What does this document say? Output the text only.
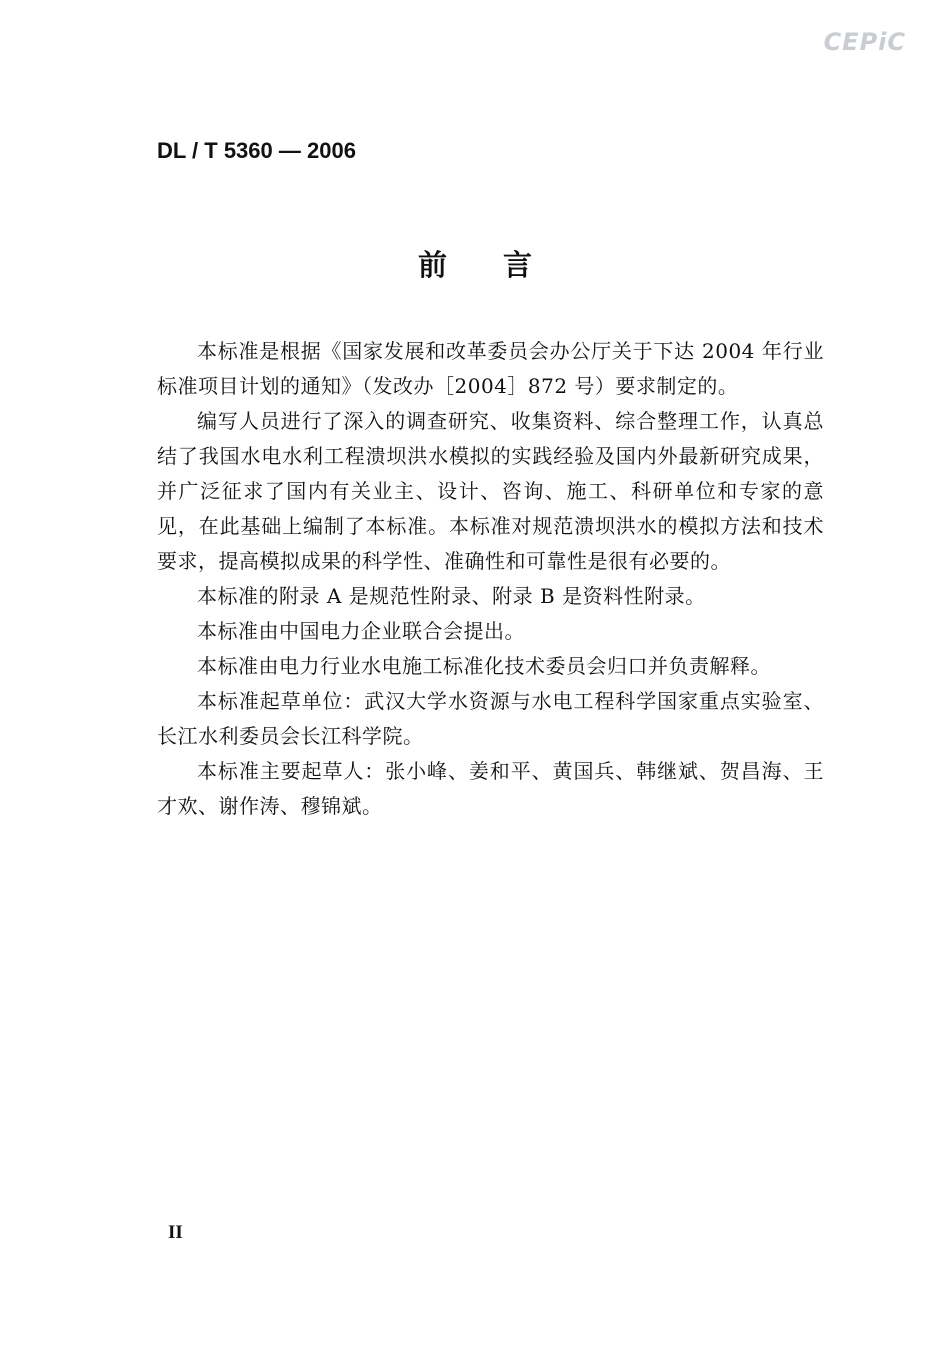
CEPiC
DL / T 5360 — 2006
前言

本标准是根据《国家发展和改革委员会办公厅关于下达 2004 年行业标准项目计划的通知》（发改办［2004］872 号）要求制定的。

编写人员进行了深入的调查研究、收集资料、综合整理工作，认真总结了我国水电水利工程溃坝洪水模拟的实践经验及国内外最新研究成果，并广泛征求了国内有关业主、设计、咨询、施工、科研单位和专家的意见，在此基础上编制了本标准。本标准对规范溃坝洪水的模拟方法和技术要求，提高模拟成果的科学性、准确性和可靠性是很有必要的。

本标准的附录 A 是规范性附录、附录 B 是资料性附录。

本标准由中国电力企业联合会提出。

本标准由电力行业水电施工标准化技术委员会归口并负责解释。

本标准起草单位：武汉大学水资源与水电工程科学国家重点实验室、长江水利委员会长江科学院。

本标准主要起草人：张小峰、姜和平、黄国兵、韩继斌、贺昌海、王才欢、谢作涛、穆锦斌。

II
